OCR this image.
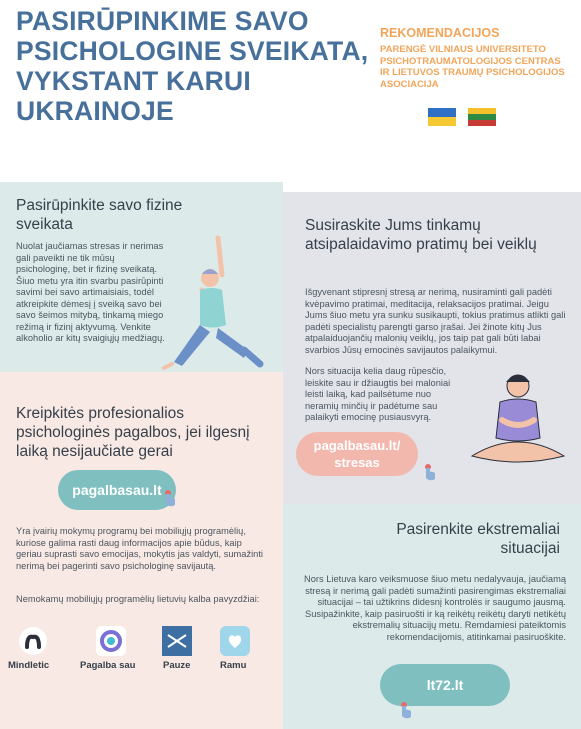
PASIRŪPINKIME SAVO PSICHOLOGINE SVEIKATA, VYKSTANT KARUI UKRAINOJE
REKOMENDACIJOS
PARENGĖ VILNIAUS UNIVERSITETO PSICHOTRAUMATOLOGIJOS CENTRAS IR LIETUVOS TRAUMŲ PSICHOLOGIJOS ASOCIACIJA
Pasirūpinkite savo fizine sveikata
Nuolat jaučiamas stresas ir nerimas gali paveikti ne tik mūsų psichologinę, bet ir fizinę sveikatą. Šiuo metu yra itin svarbu pasirūpinti savimi bei savo artimaisiais, todėl atkreipkite dėmesį į sveiką savo bei savo šeimos mitybą, tinkamą miego režimą ir fizinį aktyvumą. Venkite alkoholio ar kitų svaigiųjų medžiagų.
Kreipkitės profesionalios psichologinės pagalbos, jei ilgesnį laiką nesijaučiate gerai
pagalbasau.lt
Yra įvairių mokymų programų bei mobiliųjų programėlių, kuriose galima rasti daug informacijos apie būdus, kaip geriau suprasti savo emocijas, mokytis jas valdyti, sumažinti nerimą bei pagerinti savo psichologinę savijautą.
Nemokamų mobiliųjų programėlių lietuvių kalba pavyzdžiai:
Mindletic	Pagalba sau	Pauze	Ramu
Susiraskite Jums tinkamų atsipalaidavimo pratimų bei veiklų
Išgyvenant stipresnį stresą ar nerimą, nusiraminti gali padėti kvėpavimo pratimai, meditacija, relaksacijos pratimai. Jeigu Jums šiuo metu yra sunku susikaupti, tokius pratimus atlikti gali padėti specialistų parengti garso įrašai. Jei žinote kitų Jus atpalaiduojančių malonių veiklų, jos taip pat gali būti labai svarbios Jūsų emocinės savijautos palaikymui.
Nors situacija kelia daug rūpesčio, leiskite sau ir džiaugtis bei maloniai leisti laiką, kad pailsėtume nuo neramių minčių ir padėtume sau palaikyti emocinę pusiausvyrą.
pagalbasau.lt/ stresas
Pasirenkite ekstremaliai situacijai
Nors Lietuva karo veiksmuose šiuo metu nedalyvauja, jaučiamą stresą ir nerimą gali padėti sumažinti pasirengimas ekstremaliai situacijai – tai užtikrins didesnį kontrolės ir saugumo jausmą. Susipažinkite, kaip pasiruošti ir ką reikėtų reikėtų daryti netikėtų ekstremalių situacijų metu. Remdamiesi pateiktomis rekomendacijomis, atitinkamai pasiruoškite.
lt72.lt
